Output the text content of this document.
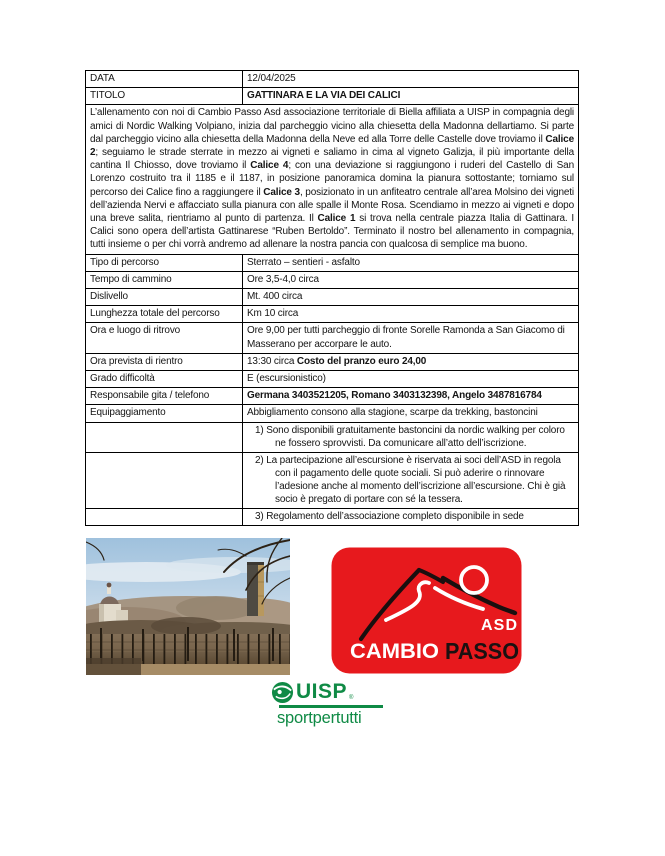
DATA	12/04/2025
TITOLO	GATTINARA E LA VIA DEI CALICI
L’allenamento con noi di Cambio Passo Asd associazione territoriale di Biella affiliata a UISP in compagnia degli amici di Nordic Walking Volpiano, inizia dal parcheggio vicino alla chiesetta della Madonna dellartiamo. Si parte dal parcheggio vicino alla chiesetta della Madonna della Neve ed alla Torre delle Castelle dove troviamo il Calice 2; seguiamo le strade sterrate in mezzo ai vigneti e saliamo in cima al vigneto Galizja, il più importante della cantina Il Chiosso, dove troviamo il Calice 4; con una deviazione si raggiungono i ruderi del Castello di San Lorenzo costruito tra il 1185 e il 1187, in posizione panoramica domina la pianura sottostante; torniamo sul percorso dei Calice fino a raggiungere il Calice 3, posizionato in un anfiteatro centrale all’area Molsino dei vigneti dell’azienda Nervi e affacciato sulla pianura con alle spalle il Monte Rosa. Scendiamo in mezzo ai vigneti e dopo una breve salita, rientriamo al punto di partenza. Il Calice 1 si trova nella centrale piazza Italia di Gattinara. I Calici sono opera dell’artista Gattinarese “Ruben Bertoldo”. Terminato il nostro bel allenamento in compagnia, tutti insieme o per chi vorrà andremo ad allenare la nostra pancia con qualcosa di semplice ma buono.	
Tipo di percorso	Sterrato – sentieri - asfalto
Tempo di cammino	Ore 3,5-4,0 circa
Dislivello	Mt. 400 circa
Lunghezza totale del percorso	Km 10 circa
Ora e luogo di ritrovo	Ore 9,00 per tutti parcheggio di fronte Sorelle Ramonda a San Giacomo di Masserano per accorpare le auto.
Ora prevista di rientro	13:30 circa Costo del pranzo euro 24,00
Grado difficoltà	E (escursionistico)
Responsabile gita / telefono	Germana 3403521205, Romano 3403132398, Angelo 3487816784
Equipaggiamento	Abbigliamento consono alla stagione, scarpe da trekking, bastoncini

	1) Sono disponibili gratuitamente bastoncini da nordic walking per coloro ne fossero sprovvisti. Da comunicare all’atto dell’iscrizione.

	2) La partecipazione all’escursione è riservata ai soci dell’ASD in regola con il pagamento delle quote sociali. Si può aderire o rinnovare l’adesione anche al momento dell’iscrizione all’escursione. Chi è già socio è pregato di portare con sé la tessera.

	3) Regolamento dell’associazione completo disponibile in sede
ASD
CAMBIO PASSO
UISP ®
sportpertutti
